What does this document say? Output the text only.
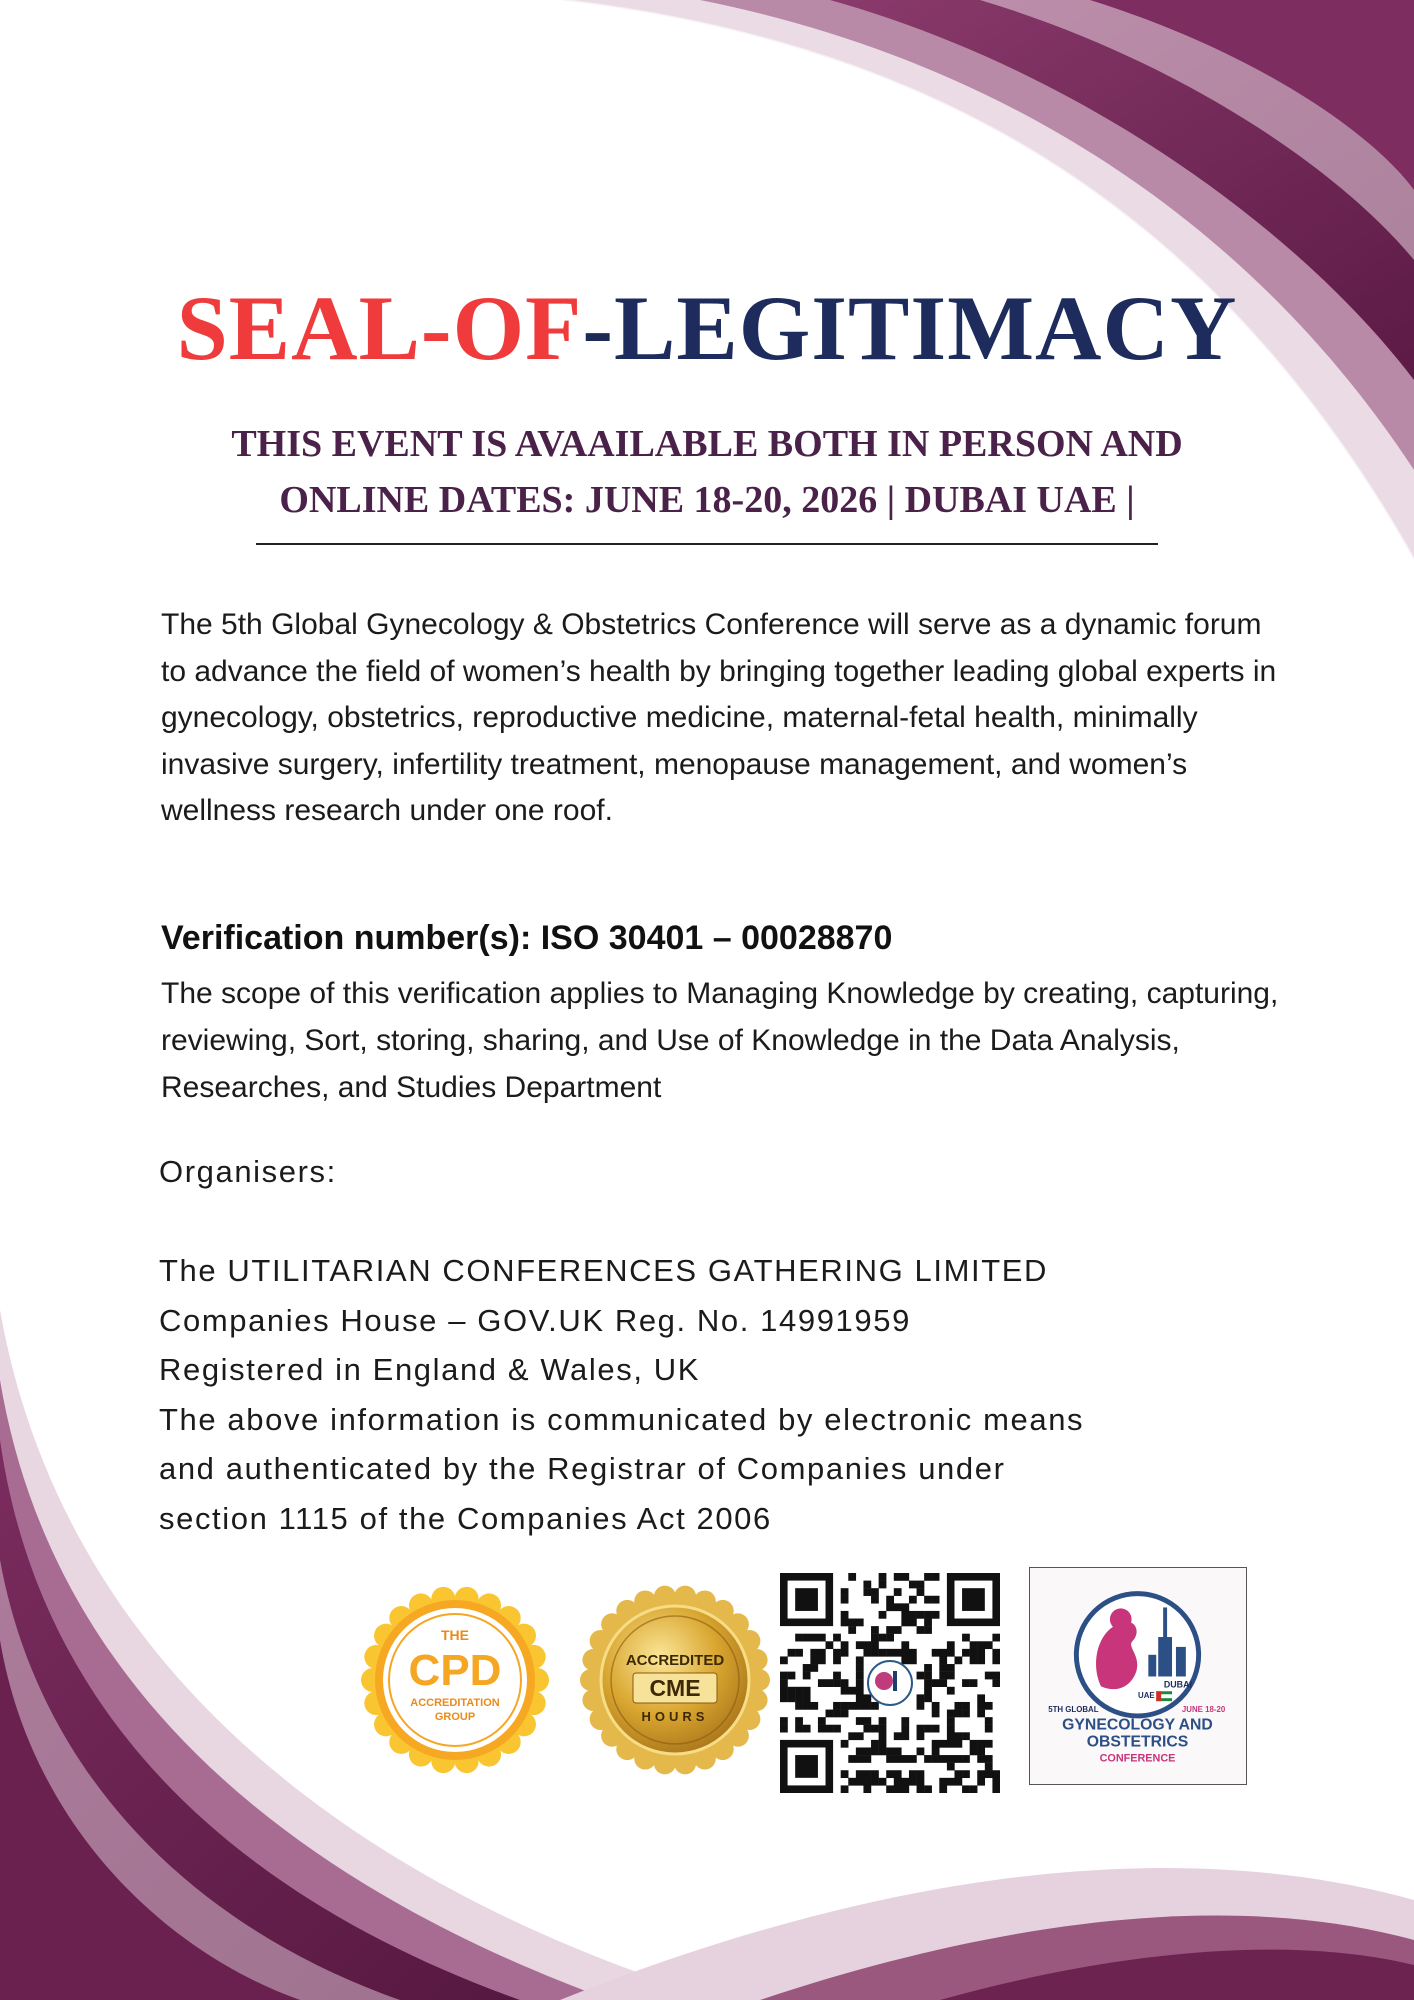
SEAL-OF-LEGITIMACY
THIS EVENT IS AVAAILABLE BOTH IN PERSON AND
ONLINE DATES: JUNE 18-20, 2026 | DUBAI UAE |

The 5th Global Gynecology & Obstetrics Conference will serve as a dynamic forum to advance the field of women’s health by bringing together leading global experts in gynecology, obstetrics, reproductive medicine, maternal-fetal health, minimally invasive surgery, infertility treatment, menopause management, and women’s wellness research under one roof.

Verification number(s): ISO 30401 – 00028870

The scope of this verification applies to Managing Knowledge by creating, capturing, reviewing, Sort, storing, sharing, and Use of Knowledge in the Data Analysis, Researches, and Studies Department

Organisers:

The UTILITARIAN CONFERENCES GATHERING LIMITED
Companies House – GOV.UK Reg. No. 14991959
Registered in England & Wales, UK
The above information is communicated by electronic means
and authenticated by the Registrar of Companies under
section 1115 of the Companies Act 2006
THE
CPD
ACCREDITATION
GROUP
ACCREDITED
CME
HOURS
DUBAI
UAE
5TH GLOBAL	JUNE 18-20
GYNECOLOGY AND
OBSTETRICS
CONFERENCE
